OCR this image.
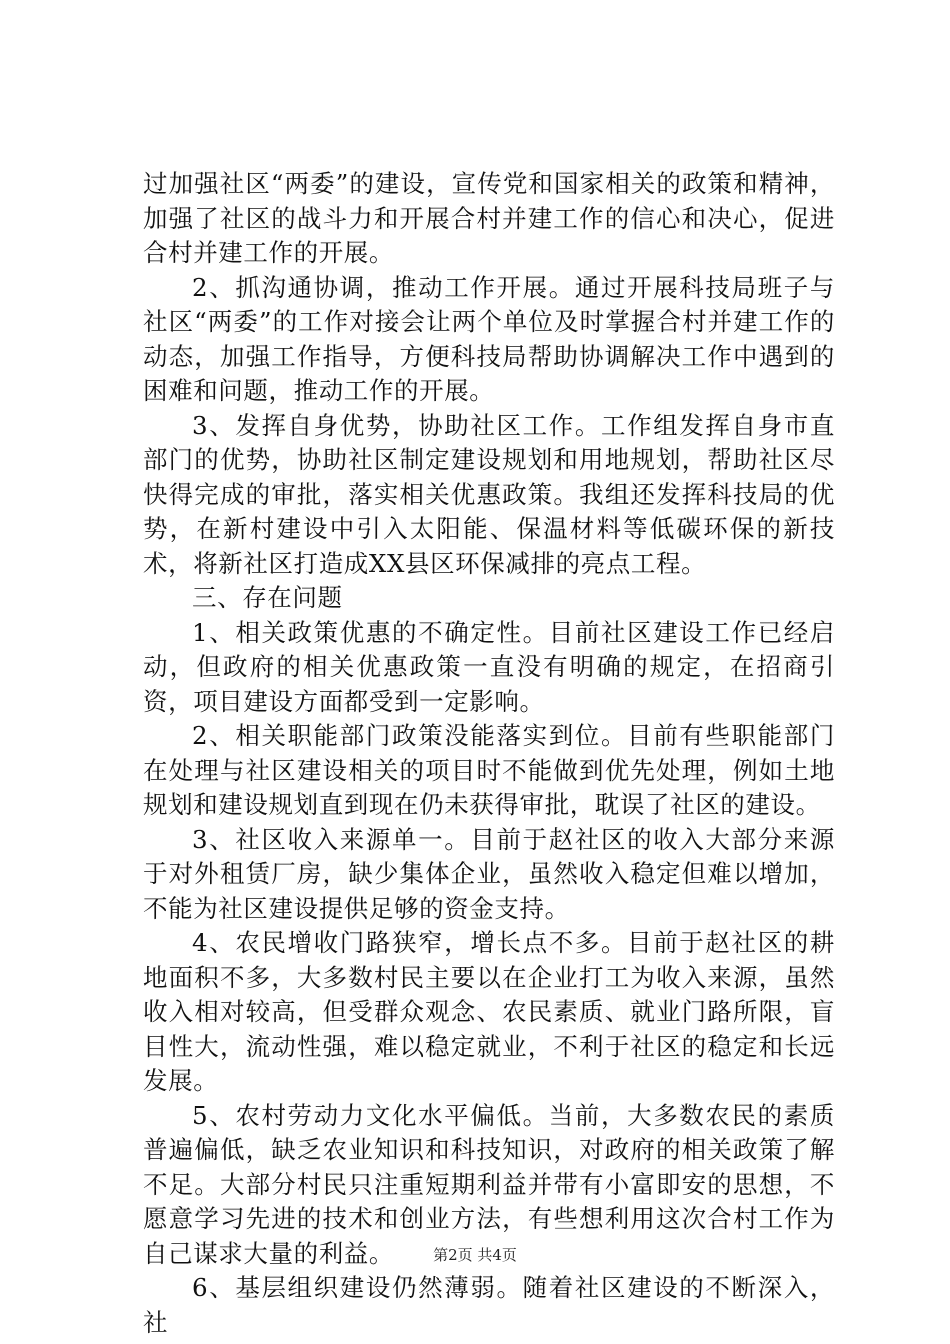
过加强社区“两委”的建设，宣传党和国家相关的政策和精神，加强了社区的战斗力和开展合村并建工作的信心和决心，促进合村并建工作的开展。

2、抓沟通协调，推动工作开展。通过开展科技局班子与社区“两委”的工作对接会让两个单位及时掌握合村并建工作的动态，加强工作指导，方便科技局帮助协调解决工作中遇到的困难和问题，推动工作的开展。

3、发挥自身优势，协助社区工作。工作组发挥自身市直部门的优势，协助社区制定建设规划和用地规划，帮助社区尽快得完成的审批，落实相关优惠政策。我组还发挥科技局的优势，在新村建设中引入太阳能、保温材料等低碳环保的新技术，将新社区打造成XX县区环保减排的亮点工程。

三、存在问题

1、相关政策优惠的不确定性。目前社区建设工作已经启动，但政府的相关优惠政策一直没有明确的规定，在招商引资，项目建设方面都受到一定影响。

2、相关职能部门政策没能落实到位。目前有些职能部门在处理与社区建设相关的项目时不能做到优先处理，例如土地规划和建设规划直到现在仍未获得审批，耽误了社区的建设。

3、社区收入来源单一。目前于赵社区的收入大部分来源于对外租赁厂房，缺少集体企业，虽然收入稳定但难以增加，不能为社区建设提供足够的资金支持。

4、农民增收门路狭窄，增长点不多。目前于赵社区的耕地面积不多，大多数村民主要以在企业打工为收入来源，虽然收入相对较高，但受群众观念、农民素质、就业门路所限，盲目性大，流动性强，难以稳定就业，不利于社区的稳定和长远发展。

5、农村劳动力文化水平偏低。当前，大多数农民的素质普遍偏低，缺乏农业知识和科技知识，对政府的相关政策了解不足。大部分村民只注重短期利益并带有小富即安的思想，不愿意学习先进的技术和创业方法，有些想利用这次合村工作为自己谋求大量的利益。

6、基层组织建设仍然薄弱。随着社区建设的不断深入，社

第2页 共4页
